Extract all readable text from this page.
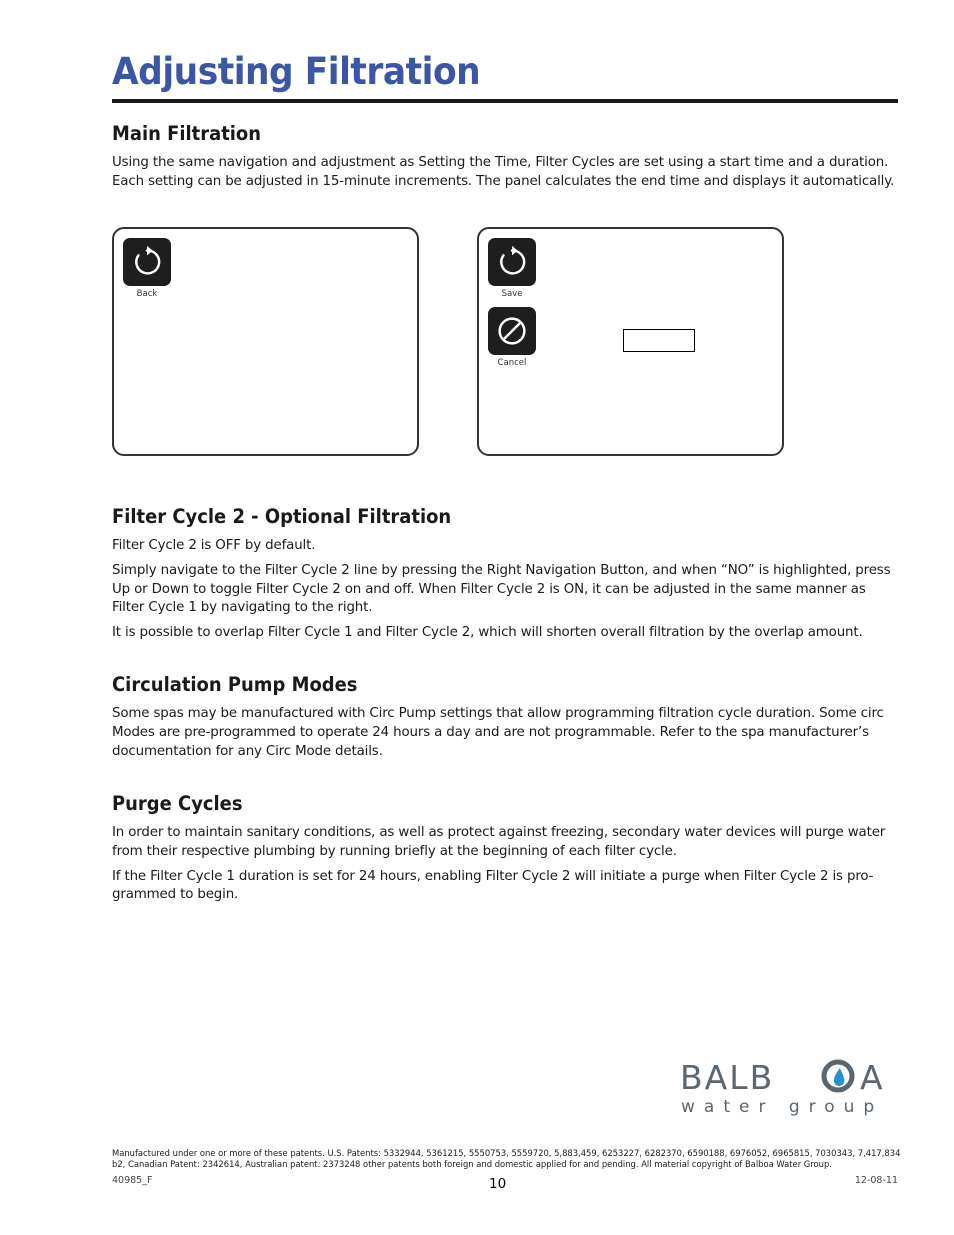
Adjusting Filtration
Main Filtration

Using the same navigation and adjustment as Setting the Time, Filter Cycles are set using a start time and a duration. Each setting can be adjusted in 15-minute increments. The panel calculates the end time and displays it automatically.

Back	Save
Cancel
Filter Cycle 2 - Optional Filtration

Filter Cycle 2 is OFF by default.

Simply navigate to the Filter Cycle 2 line by pressing the Right Navigation Button, and when “NO” is highlighted, press Up or Down to toggle Filter Cycle 2 on and off. When Filter Cycle 2 is ON, it can be adjusted in the same manner as Filter Cycle 1 by navigating to the right.

It is possible to overlap Filter Cycle 1 and Filter Cycle 2, which will shorten overall filtration by the overlap amount.

Circulation Pump Modes

Some spas may be manufactured with Circ Pump settings that allow programming filtration cycle duration. Some circ Modes are pre-programmed to operate 24 hours a day and are not programmable. Refer to the spa manufacturer’s documentation for any Circ Mode details.

Purge Cycles

In order to maintain sanitary conditions, as well as protect against freezing, secondary water devices will purge water from their respective plumbing by running briefly at the beginning of each filter cycle.

If the Filter Cycle 1 duration is set for 24 hours, enabling Filter Cycle 2 will initiate a purge when Filter Cycle 2 is pro-grammed to begin.

BALB	A
water group
Manufactured under one or more of these patents. U.S. Patents: 5332944, 5361215, 5550753, 5559720, 5,883,459, 6253227, 6282370, 6590188, 6976052, 6965815, 7030343, 7,417,834 b2, Canadian Patent: 2342614, Australian patent: 2373248 other patents both foreign and domestic applied for and pending. All material copyright of Balboa Water Group.
40985_F	10	12-08-11
